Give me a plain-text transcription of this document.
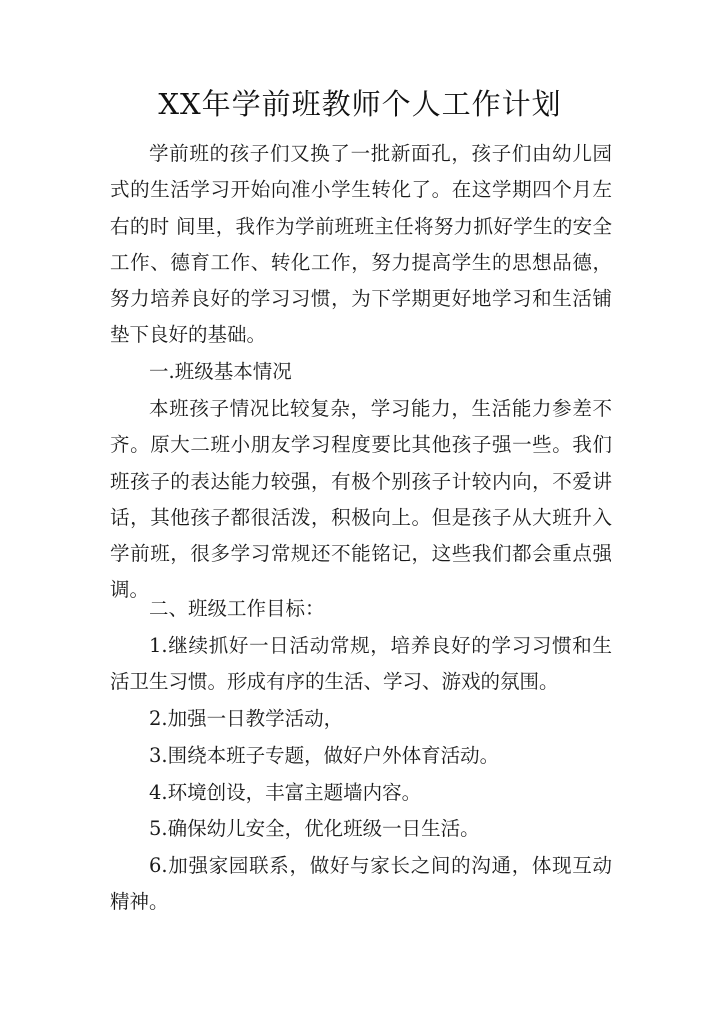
XX年学前班教师个人工作计划

学前班的孩子们又换了一批新面孔，孩子们由幼儿园式的生活学习开始向准小学生转化了。在这学期四个月左右的时 间里，我作为学前班班主任将努力抓好学生的安全工作、德育工作、转化工作，努力提高学生的思想品德，努力培养良好的学习习惯，为下学期更好地学习和生活铺 垫下良好的基础。

一.班级基本情况

本班孩子情况比较复杂，学习能力，生活能力参差不齐。原大二班小朋友学习程度要比其他孩子强一些。我们班孩子的表达能力较强，有极个别孩子计较内向，不爱讲话，其他孩子都很活泼，积极向上。但是孩子从大班升入学前班，很多学习常规还不能铭记，这些我们都会重点强调。

二、班级工作目标：

1.继续抓好一日活动常规，培养良好的学习习惯和生活卫生习惯。形成有序的生活、学习、游戏的氛围。

2.加强一日教学活动，

3.围绕本班子专题，做好户外体育活动。

4.环境创设，丰富主题墙内容。

5.确保幼儿安全，优化班级一日生活。

6.加强家园联系，做好与家长之间的沟通，体现互动精神。
